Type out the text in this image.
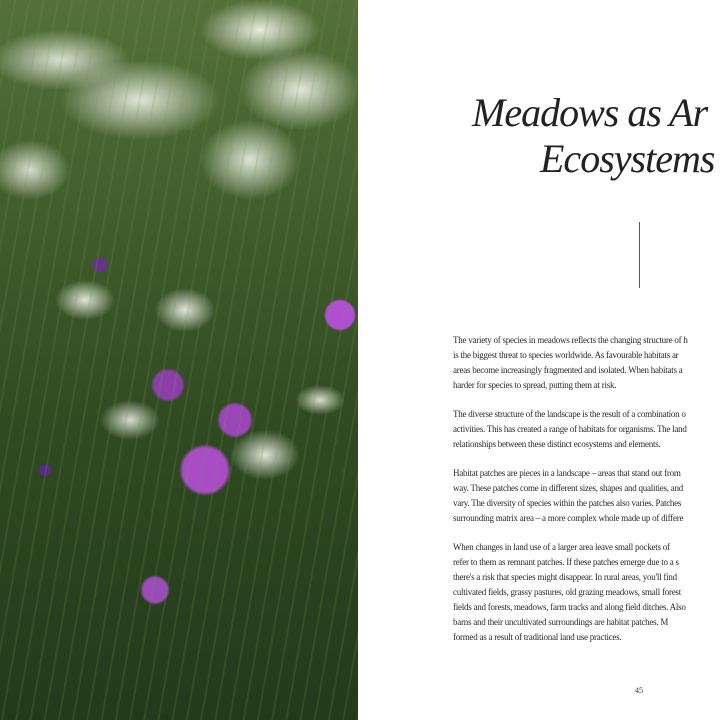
Meadows as Ar
Ecosystems
The variety of species in meadows reflects the changing structure of h
is the biggest threat to species worldwide. As favourable habitats ar
areas become increasingly fragmented and isolated. When habitats a
harder for species to spread, putting them at risk.
The diverse structure of the landscape is the result of a combination o
activities. This has created a range of habitats for organisms. The land
relationships between these distinct ecosystems and elements.
Habitat patches are pieces in a landscape – areas that stand out from
way. These patches come in different sizes, shapes and qualities, and
vary. The diversity of species within the patches also varies. Patches
surrounding matrix area – a more complex whole made up of differe
When changes in land use of a larger area leave small pockets of
refer to them as remnant patches. If these patches emerge due to a s
there's a risk that species might disappear. In rural areas, you'll find
cultivated fields, grassy pastures, old grazing meadows, small forest
fields and forests, meadows, farm tracks and along field ditches. Also
barns and their uncultivated surroundings are habitat patches. M
formed as a result of traditional land use practices.
45
